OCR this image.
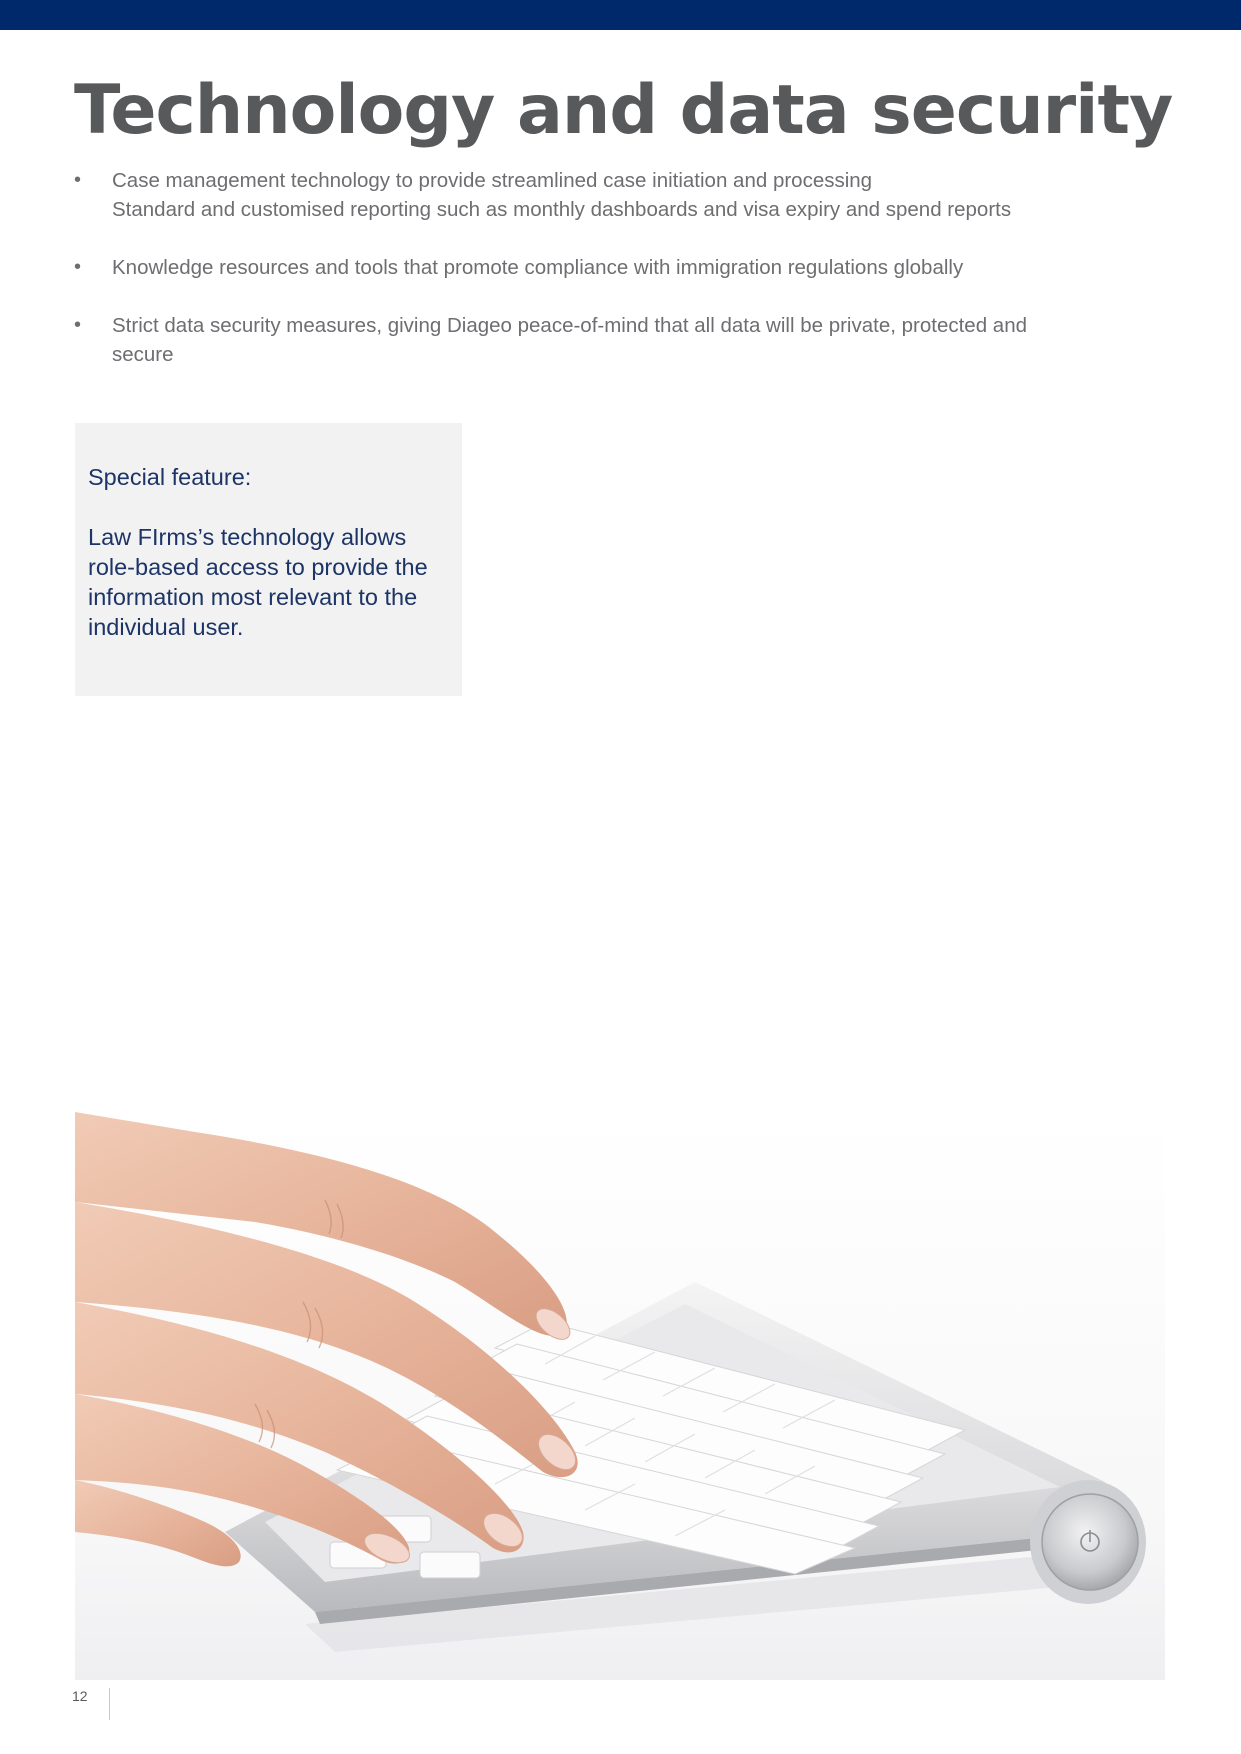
Technology and data security
• Case management technology to provide streamlined case initiation and processing
Standard and customised reporting such as monthly dashboards and visa expiry and spend reports
• Knowledge resources and tools that promote compliance with immigration regulations globally
• Strict data security measures, giving Diageo peace-of-mind that all data will be private, protected and
secure

Special feature:

Law FIrms’s technology allows role-based access to provide the information most relevant to the individual user.

12
